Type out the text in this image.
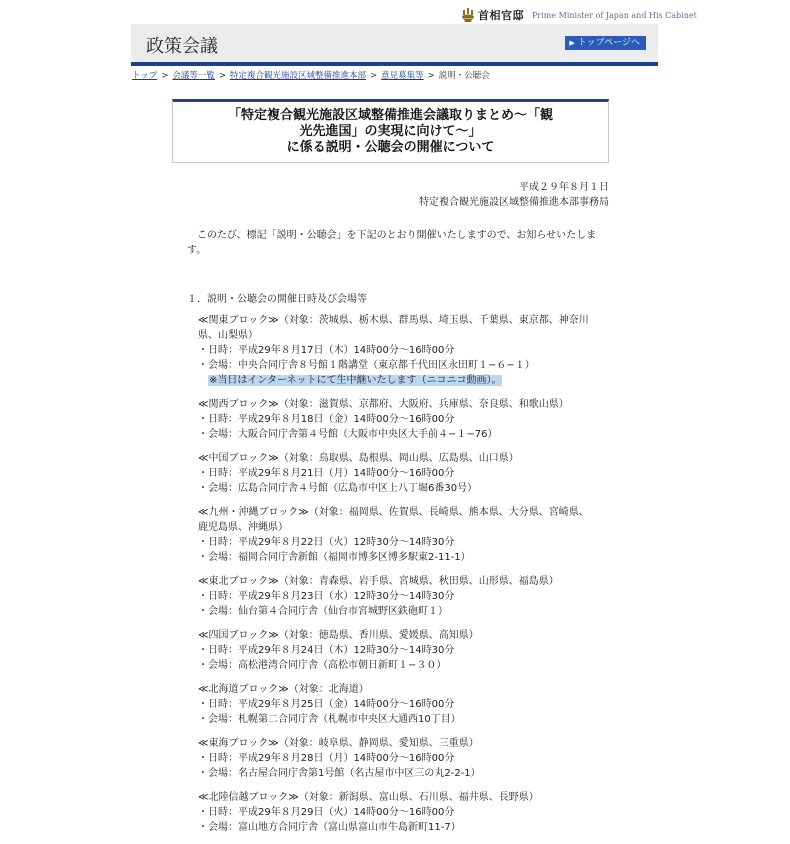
首相官邸 Prime Minister of Japan and His Cabinet
政策会議	▶ トップページへ
トップ > 会議等一覧 > 特定複合観光施設区域整備推進本部 > 意見募集等 > 説明・公聴会
「特定複合観光施設区域整備推進会議取りまとめ〜「観
光先進国」の実現に向けて〜」
に係る説明・公聴会の開催について
平成２９年８月１日
特定複合観光施設区域整備推進本部事務局
　このたび、標記「説明・公聴会」を下記のとおり開催いたしますので、お知らせいたします。
１．説明・公聴会の開催日時及び会場等
≪関東ブロック≫（対象：茨城県、栃木県、群馬県、埼玉県、千葉県、東京都、神奈川
県、山梨県）
・日時：平成29年８月17日（木）14時00分〜16時00分
・会場：中央合同庁舎８号館１階講堂（東京都千代田区永田町１−６−１）
※当日はインターネットにて生中継いたします（ニコニコ動画）。
≪関西ブロック≫（対象：滋賀県、京都府、大阪府、兵庫県、奈良県、和歌山県）
・日時：平成29年８月18日（金）14時00分〜16時00分
・会場：大阪合同庁舎第４号館（大阪市中央区大手前４−１−76）
≪中国ブロック≫（対象：鳥取県、島根県、岡山県、広島県、山口県）
・日時：平成29年８月21日（月）14時00分〜16時00分
・会場：広島合同庁舎４号館（広島市中区上八丁堀6番30号）
≪九州・沖縄ブロック≫（対象：福岡県、佐賀県、長崎県、熊本県、大分県、宮崎県、
鹿児島県、沖縄県）
・日時：平成29年８月22日（火）12時30分〜14時30分
・会場：福岡合同庁舎新館（福岡市博多区博多駅東2-11-1）
≪東北ブロック≫（対象：青森県、岩手県、宮城県、秋田県、山形県、福島県）
・日時：平成29年８月23日（水）12時30分〜14時30分
・会場：仙台第４合同庁舎（仙台市宮城野区鉄砲町１）
≪四国ブロック≫（対象：徳島県、香川県、愛媛県、高知県）
・日時：平成29年８月24日（木）12時30分〜14時30分
・会場：高松港湾合同庁舎（高松市朝日新町１−３０）
≪北海道ブロック≫（対象：北海道）
・日時：平成29年８月25日（金）14時00分〜16時00分
・会場：札幌第二合同庁舎（札幌市中央区大通西10丁目）
≪東海ブロック≫（対象：岐阜県、静岡県、愛知県、三重県）
・日時：平成29年８月28日（月）14時00分〜16時00分
・会場：名古屋合同庁舎第1号館（名古屋市中区三の丸2-2-1）
≪北陸信越ブロック≫（対象：新潟県、富山県、石川県、福井県、長野県）
・日時：平成29年８月29日（火）14時00分〜16時00分
・会場：富山地方合同庁舎（富山県富山市牛島新町11-7）
